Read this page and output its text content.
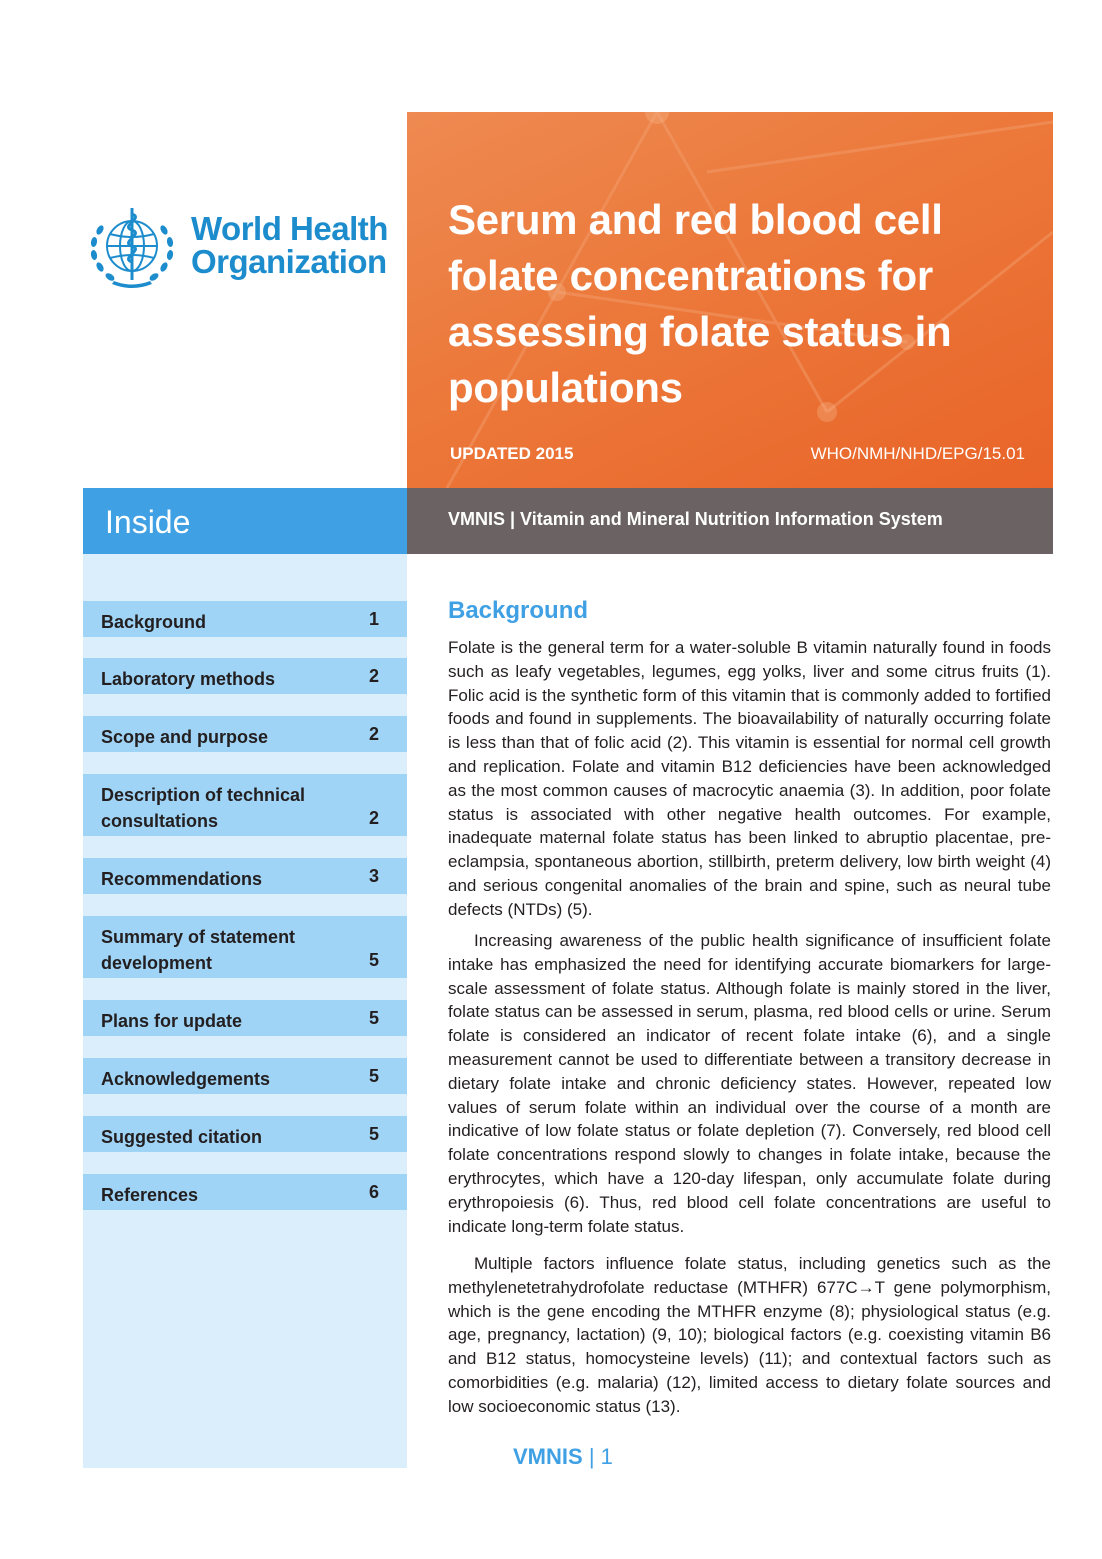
World Health
Organization
Serum and red blood cell folate concentrations for assessing folate status in populations
UPDATED 2015	WHO/NMH/NHD/EPG/15.01
Inside	VMNIS | Vitamin and Mineral Nutrition Information System
Background	1
Laboratory methods	2
Scope and purpose	2
Description of technical consultations	2
Recommendations	3
Summary of statement development	5
Plans for update	5
Acknowledgements	5
Suggested citation	5
References	6
Background

Folate is the general term for a water-soluble B vitamin naturally found in foods such as leafy vegetables, legumes, egg yolks, liver and some citrus fruits (1). Folic acid is the synthetic form of this vitamin that is commonly added to fortified foods and found in supplements. The bioavailability of naturally occurring folate is less than that of folic acid (2). This vitamin is essential for normal cell growth and replication. Folate and vitamin B12 deficiencies have been acknowledged as the most common causes of macrocytic anaemia (3). In addition, poor folate status is associated with other negative health outcomes. For example, inadequate maternal folate status has been linked to abruptio placentae, pre-eclampsia, spontaneous abortion, stillbirth, preterm delivery, low birth weight (4) and serious congenital anomalies of the brain and spine, such as neural tube defects (NTDs) (5).

Increasing awareness of the public health significance of insufficient folate intake has emphasized the need for identifying accurate biomarkers for large-scale assessment of folate status. Although folate is mainly stored in the liver, folate status can be assessed in serum, plasma, red blood cells or urine. Serum folate is considered an indicator of recent folate intake (6), and a single measurement cannot be used to differentiate between a transitory decrease in dietary folate intake and chronic deficiency states. However, repeated low values of serum folate within an individual over the course of a month are indicative of low folate status or folate depletion (7). Conversely, red blood cell folate concentrations respond slowly to changes in folate intake, because the erythrocytes, which have a 120-day lifespan, only accumulate folate during erythropoiesis (6). Thus, red blood cell folate concentrations are useful to indicate long-term folate status.

Multiple factors influence folate status, including genetics such as the methylenetetrahydrofolate reductase (MTHFR) 677C→T gene polymorphism, which is the gene encoding the MTHFR enzyme (8); physiological status (e.g. age, pregnancy, lactation) (9, 10); biological factors (e.g. coexisting vitamin B6 and B12 status, homocysteine levels) (11); and contextual factors such as comorbidities (e.g. malaria) (12), limited access to dietary folate sources and low socioeconomic status (13).

VMNIS | 1
